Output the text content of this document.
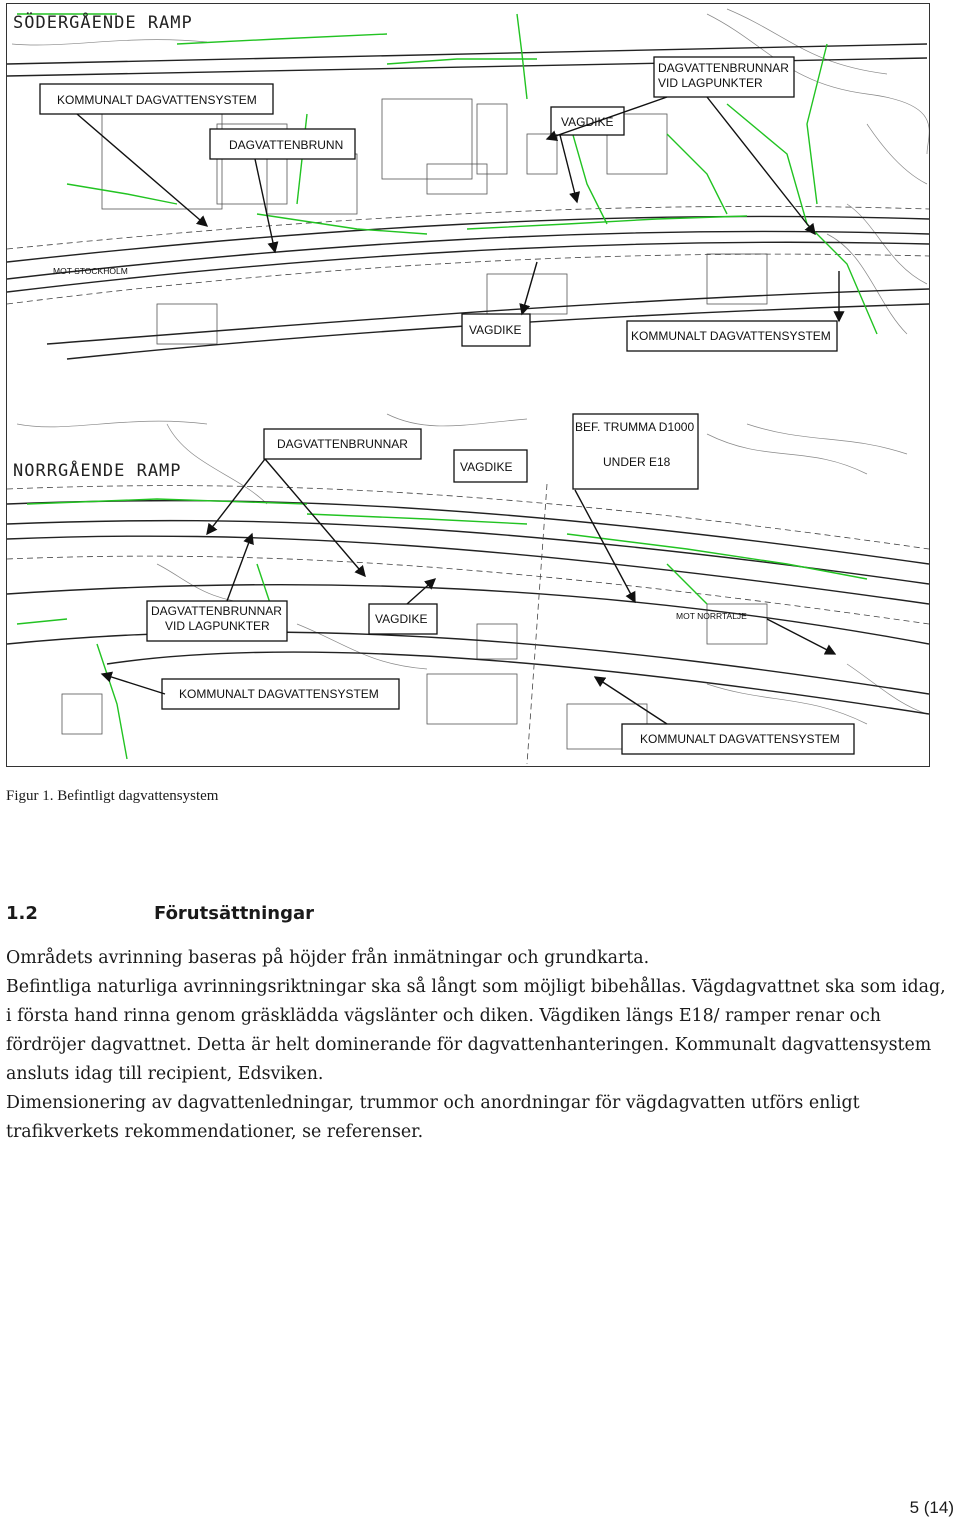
SÖDERGÅENDE RAMP
KOMMUNALT DAGVATTENSYSTEM
DAGVATTENBRUNN
VAGDIKE
DAGVATTENBRUNNAR
VID LAGPUNKTER
MOT STOCKHOLM
VAGDIKE	KOMMUNALT DAGVATTENSYSTEM
NORRGÅENDE RAMP
DAGVATTENBRUNNAR
VAGDIKE
BEF. TRUMMA D1000
UNDER E18
DAGVATTENBRUNNAR
VID LAGPUNKTER	VAGDIKE	MOT NORRTALJE
KOMMUNALT DAGVATTENSYSTEM
KOMMUNALT DAGVATTENSYSTEM
Figur 1. Befintligt dagvattensystem
1.2	Förutsättningar

Områdets avrinning baseras på höjder från inmätningar och grundkarta.

Befintliga naturliga avrinningsriktningar ska så långt som möjligt bibehållas. Vägdagvattnet ska som idag, i första hand rinna genom gräsklädda vägslänter och diken. Vägdiken längs E18/ ramper renar och fördröjer dagvattnet. Detta är helt dominerande för dagvattenhanteringen. Kommunalt dagvattensystem ansluts idag till recipient, Edsviken.

Dimensionering av dagvattenledningar, trummor och anordningar för vägdagvatten utförs enligt trafikverkets rekommendationer, se referenser.

5 (14)
